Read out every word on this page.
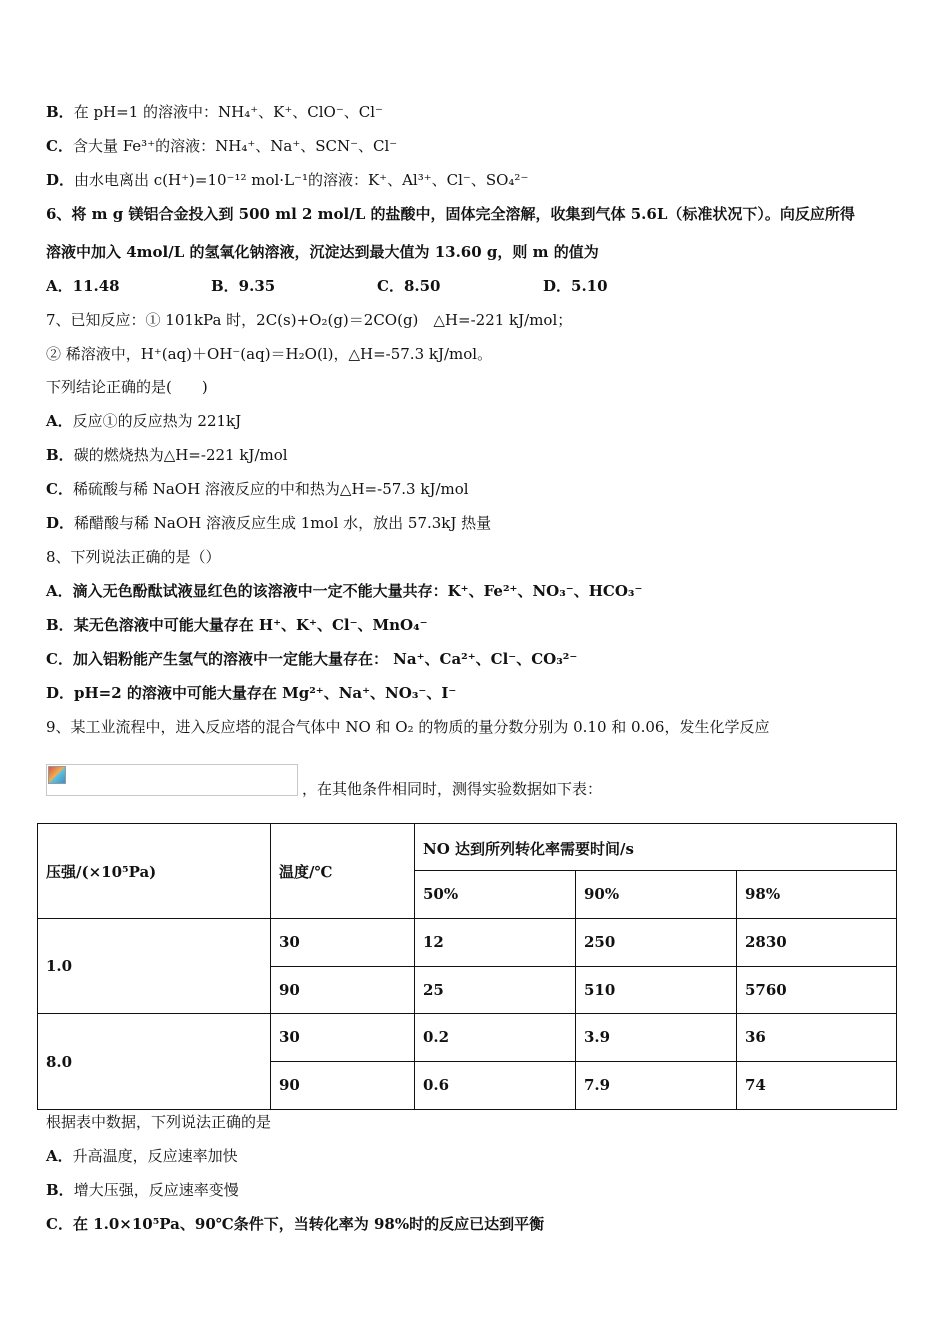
B．在 pH=1 的溶液中：NH₄⁺、K⁺、ClO⁻、Cl⁻
C．含大量 Fe³⁺的溶液：NH₄⁺、Na⁺、SCN⁻、Cl⁻
D．由水电离出 c(H⁺)=10⁻¹² mol·L⁻¹的溶液：K⁺、Al³⁺、Cl⁻、SO₄²⁻
6、将 m g 镁铝合金投入到 500 ml 2 mol/L 的盐酸中，固体完全溶解，收集到气体 5.6L（标准状况下）。向反应所得
溶液中加入 4mol/L 的氢氧化钠溶液，沉淀达到最大值为 13.60 g，则 m 的值为
A．11.48	B．9.35	C．8.50	D．5.10
7、已知反应：① 101kPa 时，2C(s)+O₂(g)＝2CO(g)　△H=-221 kJ/mol；
② 稀溶液中，H⁺(aq)＋OH⁻(aq)＝H₂O(l)，△H=-57.3 kJ/mol。
下列结论正确的是(　　)
A．反应①的反应热为 221kJ
B．碳的燃烧热为△H=-221 kJ/mol
C．稀硫酸与稀 NaOH 溶液反应的中和热为△H=-57.3 kJ/mol
D．稀醋酸与稀 NaOH 溶液反应生成 1mol 水，放出 57.3kJ 热量
8、下列说法正确的是（）
A．滴入无色酚酞试液显红色的该溶液中一定不能大量共存：K⁺、Fe²⁺、NO₃⁻、HCO₃⁻
B．某无色溶液中可能大量存在 H⁺、K⁺、Cl⁻、MnO₄⁻
C．加入铝粉能产生氢气的溶液中一定能大量存在： Na⁺、Ca²⁺、Cl⁻、CO₃²⁻
D．pH=2 的溶液中可能大量存在 Mg²⁺、Na⁺、NO₃⁻、I⁻
9、某工业流程中，进入反应塔的混合气体中 NO 和 O₂ 的物质的量分数分别为 0.10 和 0.06，发生化学反应
，在其他条件相同时，测得实验数据如下表：
压强/(×10⁵Pa)	温度/℃	NO 达到所列转化率需要时间/s		
		50%	90%	98%
1.0	30	12	250	2830
	90	25	510	5760
8.0	30	0.2	3.9	36
	90	0.6	7.9	74
根据表中数据，下列说法正确的是
A．升高温度，反应速率加快
B．增大压强，反应速率变慢
C．在 1.0×10⁵Pa、90℃条件下，当转化率为 98%时的反应已达到平衡
